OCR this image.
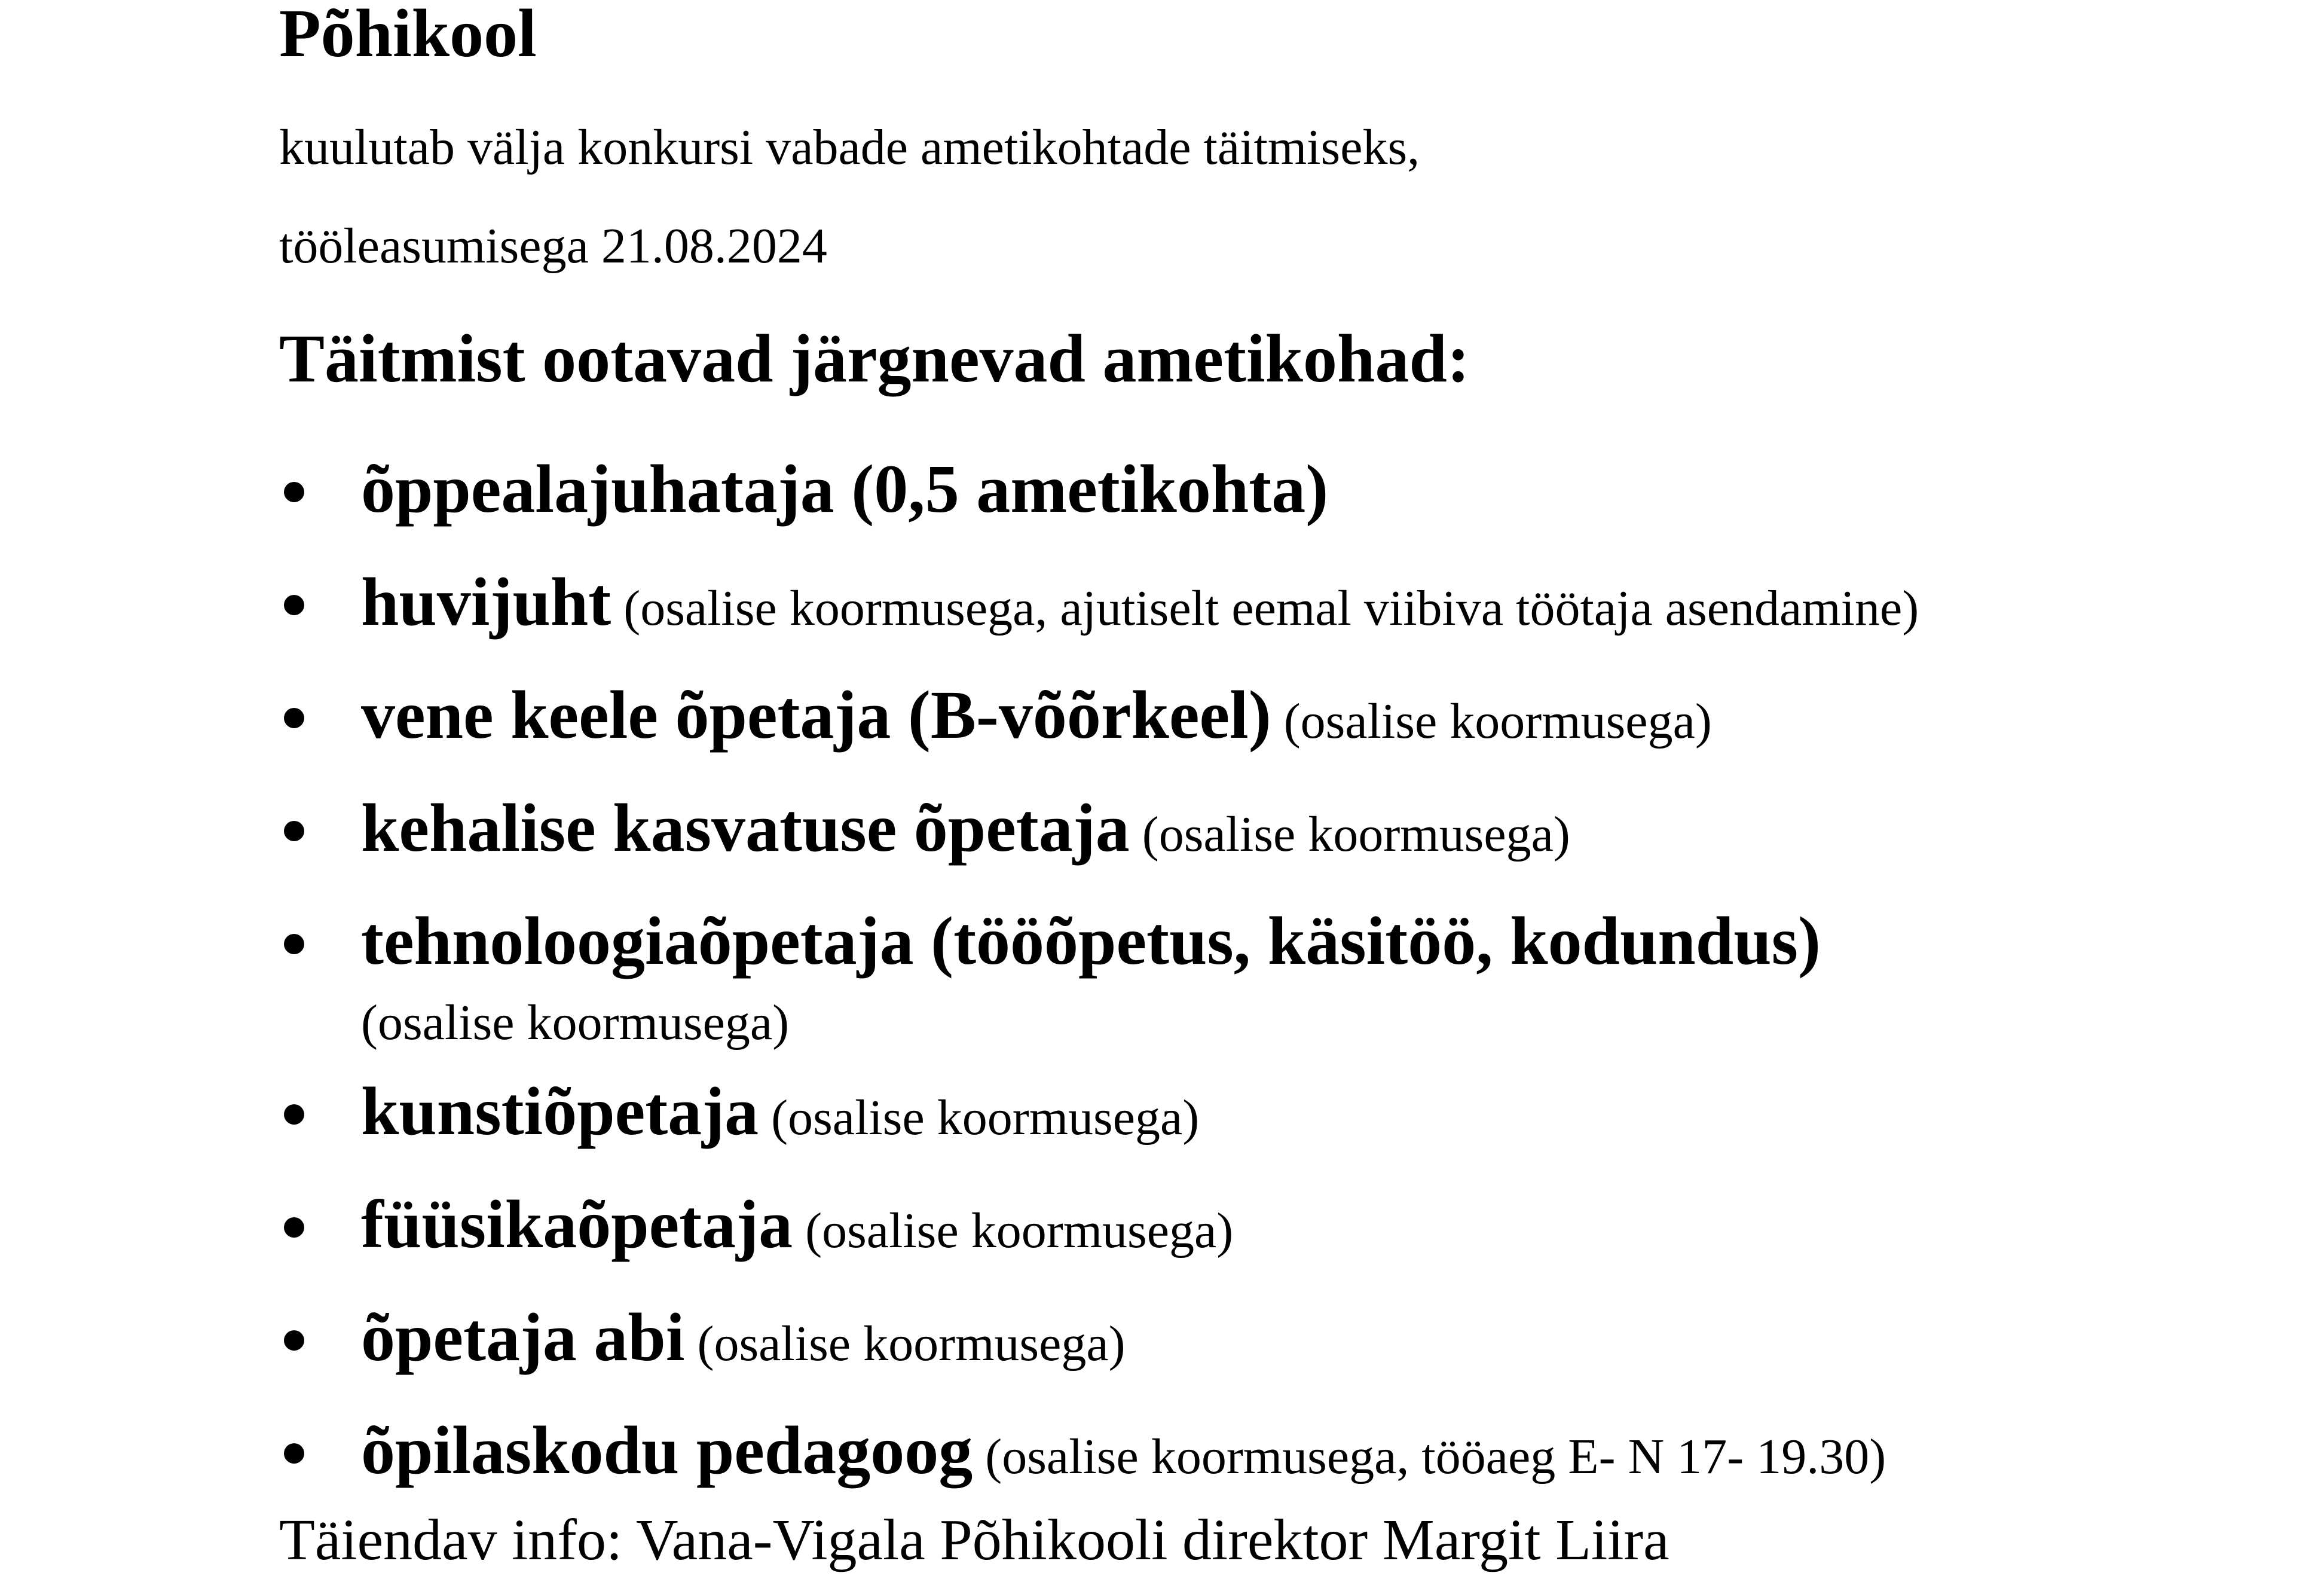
Põhikool

kuulutab välja konkursi vabade ametikohtade täitmiseks,

tööleasumisega 21.08.2024

Täitmist ootavad järgnevad ametikohad:
õppealajuhataja (0,5 ametikohta)
huvijuht (osalise koormusega, ajutiselt eemal viibiva töötaja asendamine)
vene keele õpetaja (B-võõrkeel) (osalise koormusega)
kehalise kasvatuse õpetaja (osalise koormusega)
tehnoloogiaõpetaja (tööõpetus, käsitöö, kodundus)
(osalise koormusega)
kunstiõpetaja (osalise koormusega)
füüsikaõpetaja (osalise koormusega)
õpetaja abi (osalise koormusega)
õpilaskodu pedagoog (osalise koormusega, tööaeg E- N 17- 19.30)

Täiendav info: Vana-Vigala Põhikooli direktor Margit Liira
